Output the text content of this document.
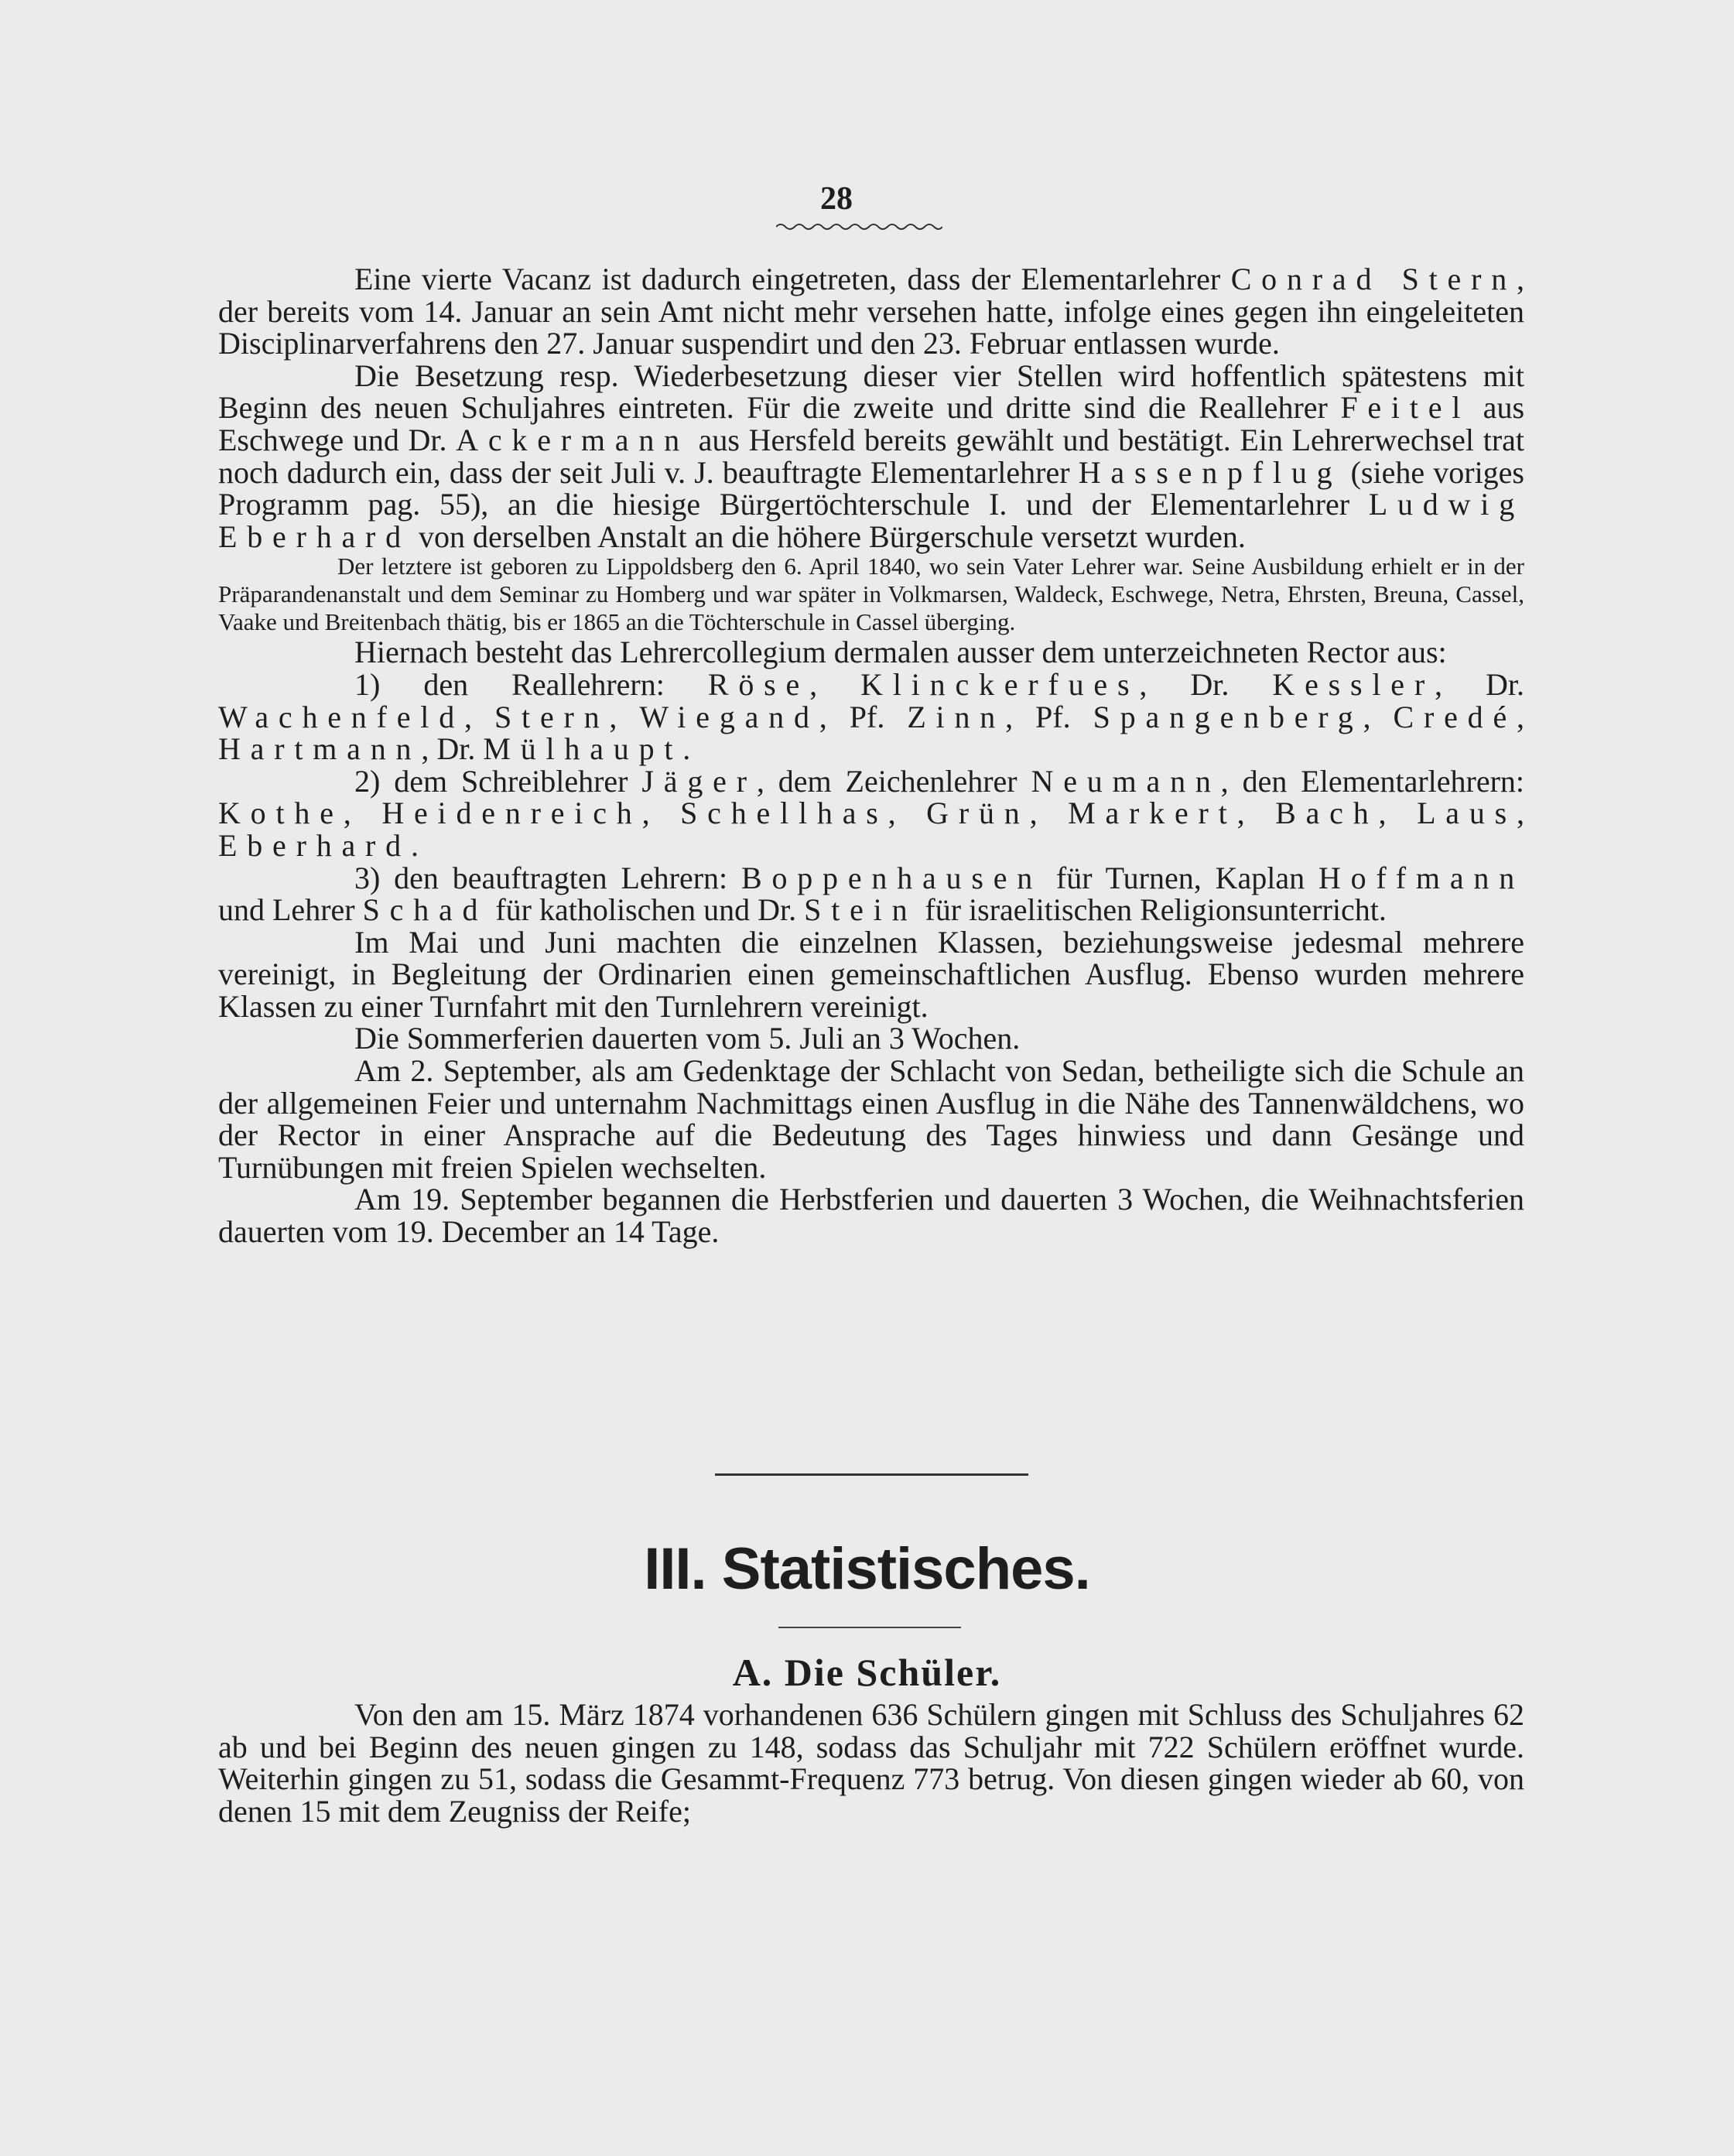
28

Eine vierte Vacanz ist dadurch eingetreten, dass der Elementarlehrer Conrad Stern, der bereits vom 14. Januar an sein Amt nicht mehr versehen hatte, infolge eines gegen ihn eingeleiteten Disciplinarverfahrens den 27. Januar suspendirt und den 23. Februar entlassen wurde.

Die Besetzung resp. Wiederbesetzung dieser vier Stellen wird hoffentlich spätestens mit Beginn des neuen Schuljahres eintreten. Für die zweite und dritte sind die Reallehrer Feitel aus Eschwege und Dr. Ackermann aus Hersfeld bereits gewählt und bestätigt. Ein Lehrerwechsel trat noch dadurch ein, dass der seit Juli v. J. beauftragte Elementarlehrer Hassenpflug (siehe voriges Programm pag. 55), an die hiesige Bürgertöchterschule I. und der Elementarlehrer Ludwig Eberhard von derselben Anstalt an die höhere Bürgerschule versetzt wurden.

Der letztere ist geboren zu Lippoldsberg den 6. April 1840, wo sein Vater Lehrer war. Seine Ausbildung erhielt er in der Präparandenanstalt und dem Seminar zu Homberg und war später in Volkmarsen, Waldeck, Eschwege, Netra, Ehrsten, Breuna, Cassel, Vaake und Breitenbach thätig, bis er 1865 an die Töchterschule in Cassel überging.

Hiernach besteht das Lehrercollegium dermalen ausser dem unterzeichneten Rector aus:

1) den Reallehrern: Röse, Klinckerfues, Dr. Kessler, Dr. Wachenfeld, Stern, Wiegand, Pf. Zinn, Pf. Spangenberg, Credé, Hartmann, Dr. Mülhaupt.

2) dem Schreiblehrer Jäger, dem Zeichenlehrer Neumann, den Elementarlehrern: Kothe, Heidenreich, Schellhas, Grün, Markert, Bach, Laus, Eberhard.

3) den beauftragten Lehrern: Boppenhausen für Turnen, Kaplan Hoffmann und Lehrer Schad für katholischen und Dr. Stein für israelitischen Religionsunterricht.

Im Mai und Juni machten die einzelnen Klassen, beziehungsweise jedesmal mehrere vereinigt, in Begleitung der Ordinarien einen gemeinschaftlichen Ausflug. Ebenso wurden mehrere Klassen zu einer Turnfahrt mit den Turnlehrern vereinigt.

Die Sommerferien dauerten vom 5. Juli an 3 Wochen.

Am 2. September, als am Gedenktage der Schlacht von Sedan, betheiligte sich die Schule an der allgemeinen Feier und unternahm Nachmittags einen Ausflug in die Nähe des Tannenwäldchens, wo der Rector in einer Ansprache auf die Bedeutung des Tages hinwiess und dann Gesänge und Turnübungen mit freien Spielen wechselten.

Am 19. September begannen die Herbstferien und dauerten 3 Wochen, die Weihnachtsferien dauerten vom 19. December an 14 Tage.

III. Statistisches.
A. Die Schüler.

Von den am 15. März 1874 vorhandenen 636 Schülern gingen mit Schluss des Schuljahres 62 ab und bei Beginn des neuen gingen zu 148, sodass das Schuljahr mit 722 Schülern eröffnet wurde. Weiterhin gingen zu 51, sodass die Gesammt-Frequenz 773 betrug. Von diesen gingen wieder ab 60, von denen 15 mit dem Zeugniss der Reife;
